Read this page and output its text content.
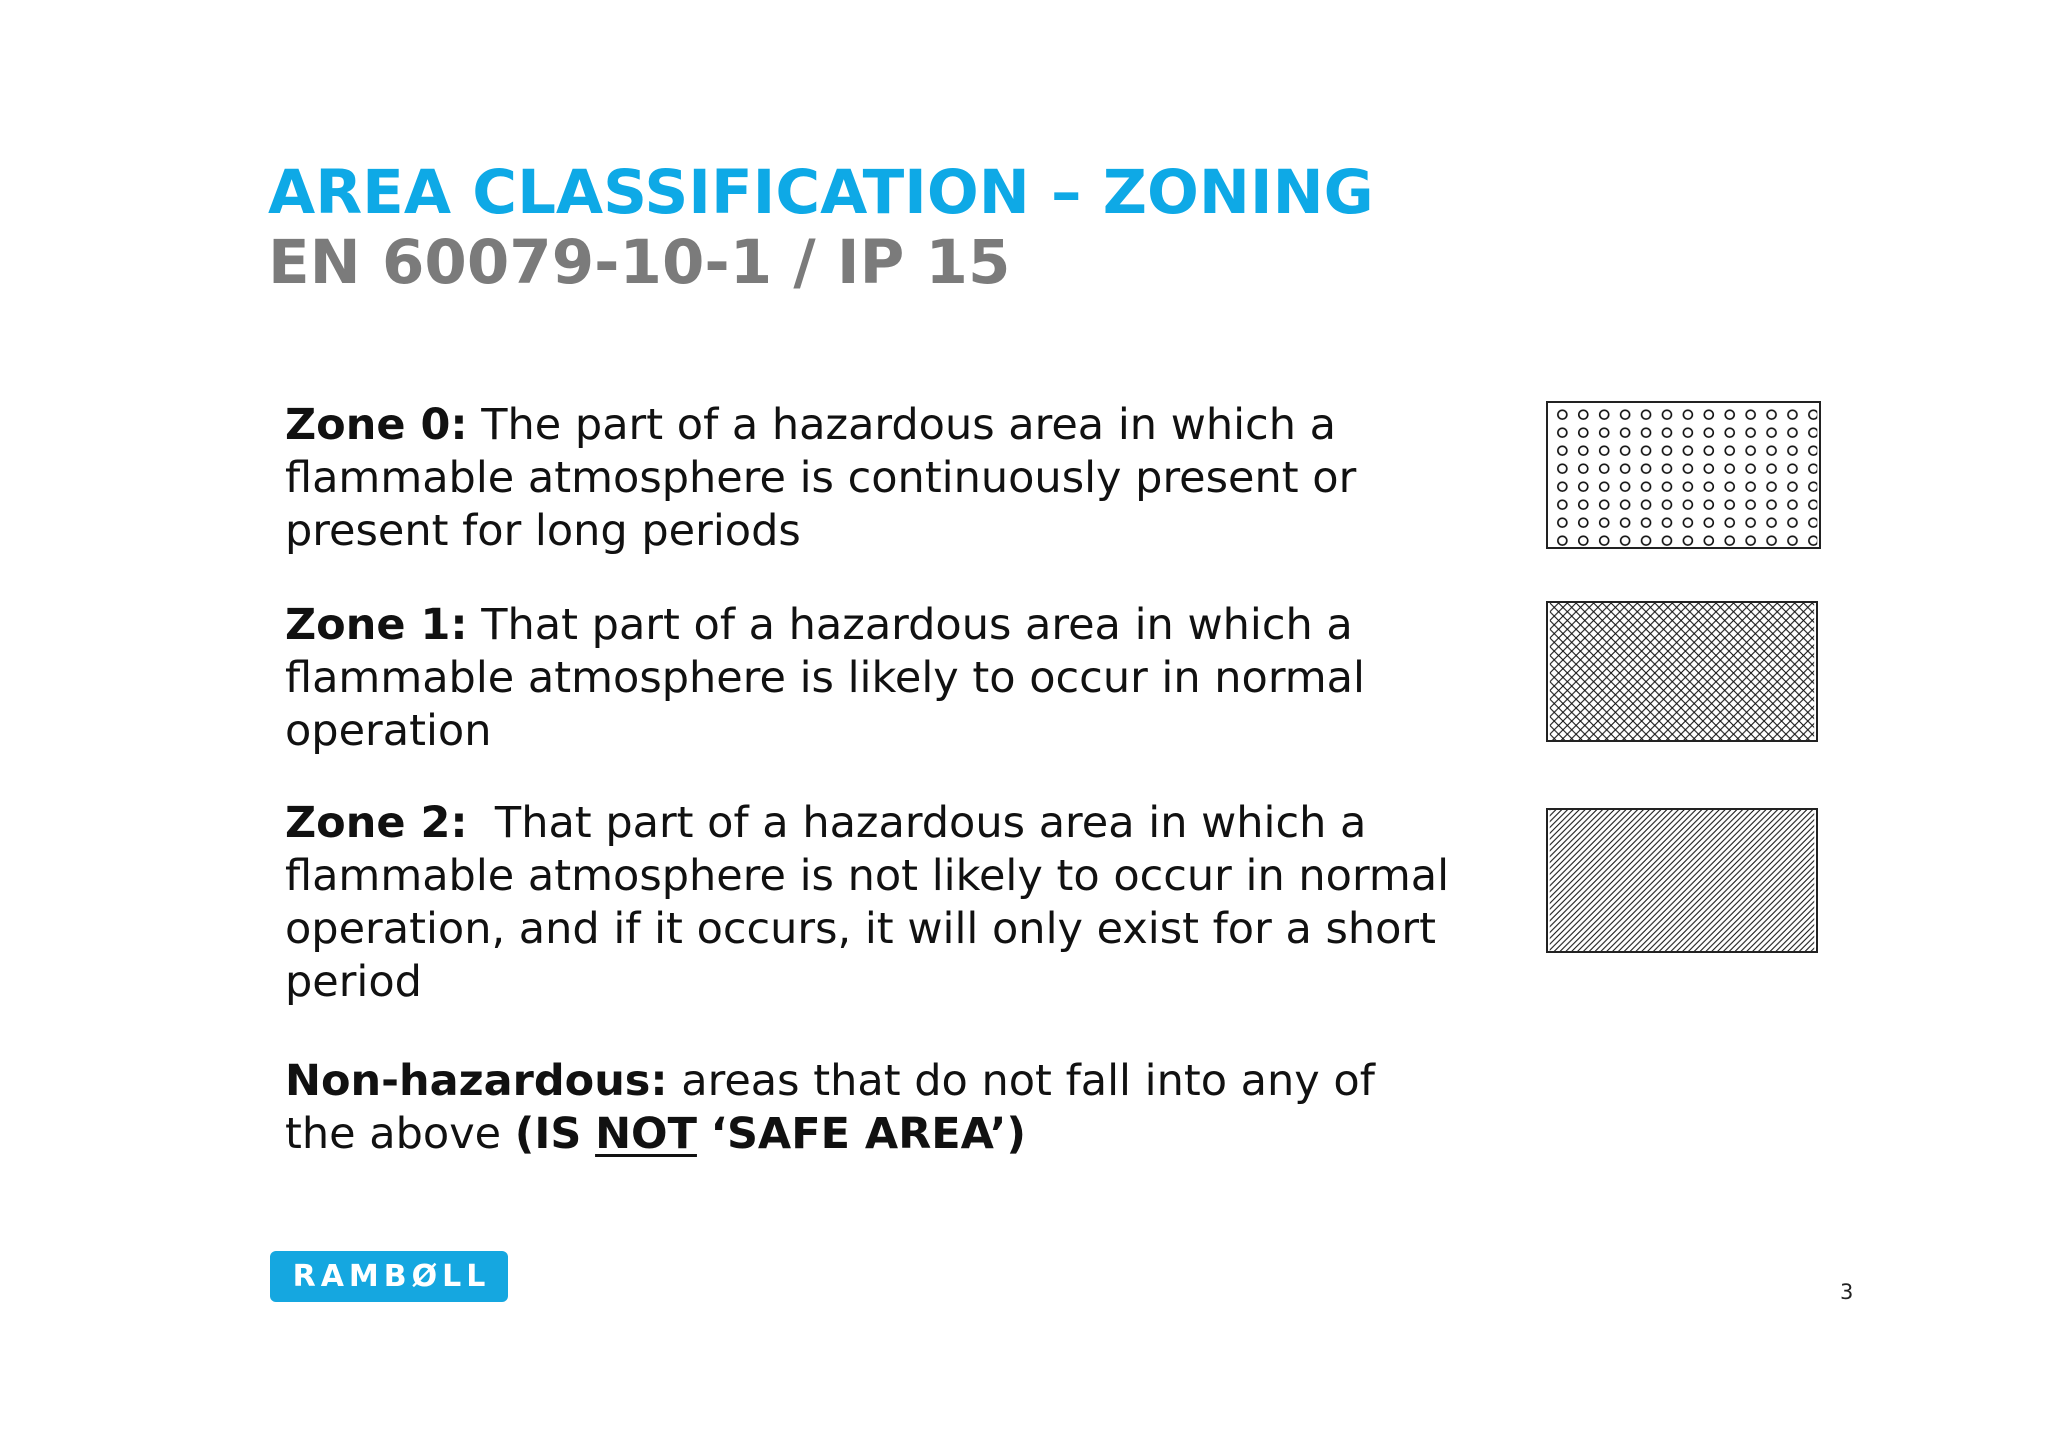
AREA CLASSIFICATION – ZONING
EN 60079-10-1 / IP 15

Zone 0: The part of a hazardous area in which a
flammable atmosphere is continuously present or
present for long periods

Zone 1: That part of a hazardous area in which a
flammable atmosphere is likely to occur in normal
operation

Zone 2:  That part of a hazardous area in which a
flammable atmosphere is not likely to occur in normal
operation, and if it occurs, it will only exist for a short
period

Non-hazardous: areas that do not fall into any of
the above (IS NOT ‘SAFE AREA’)

RAMBØLL	3
